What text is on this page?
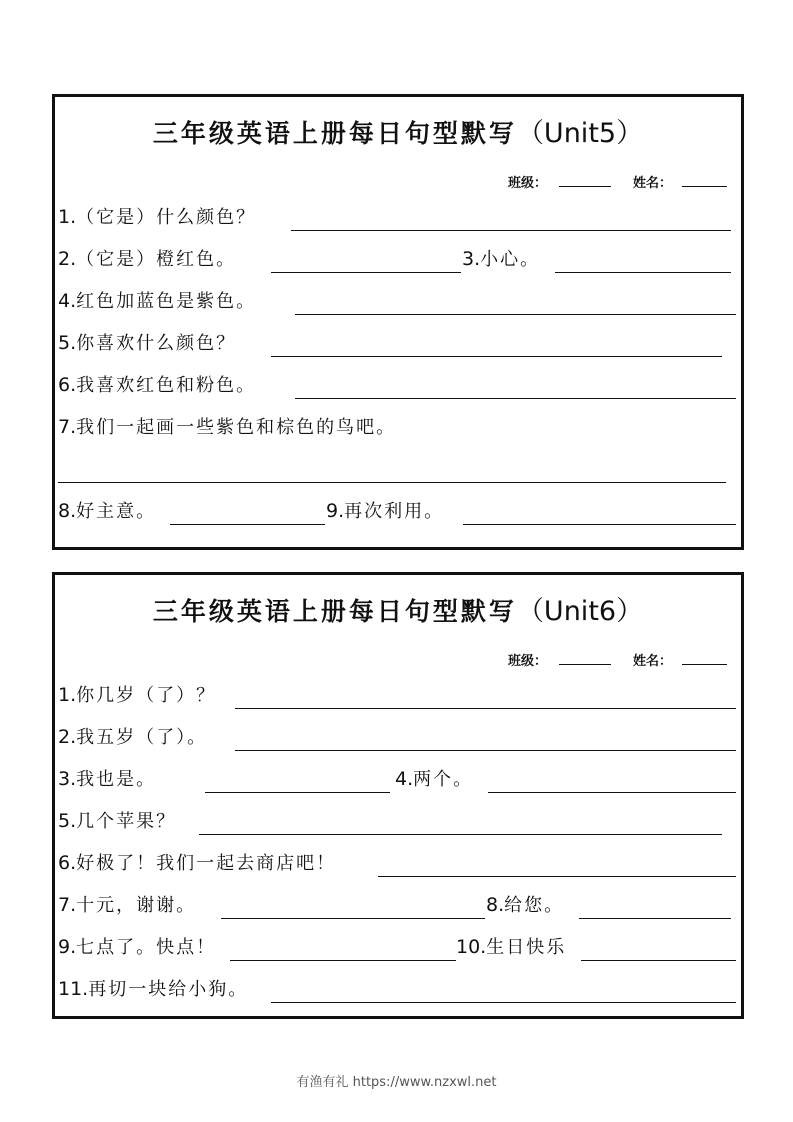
三年级英语上册每日句型默写（Unit5）
班级：	姓名：
1.（它是）什么颜色？
2.（它是）橙红色。	3.小心。
4.红色加蓝色是紫色。
5.你喜欢什么颜色？
6.我喜欢红色和粉色。
7.我们一起画一些紫色和棕色的鸟吧。
8.好主意。	9.再次利用。
三年级英语上册每日句型默写（Unit6）
班级：	姓名：
1.你几岁（了）？
2.我五岁（了）。
3.我也是。	4.两个。
5.几个苹果？
6.好极了！我们一起去商店吧！
7.十元，谢谢。	8.给您。
9.七点了。快点！	10.生日快乐
11.再切一块给小狗。
有渔有礼 https://www.nzxwl.net
